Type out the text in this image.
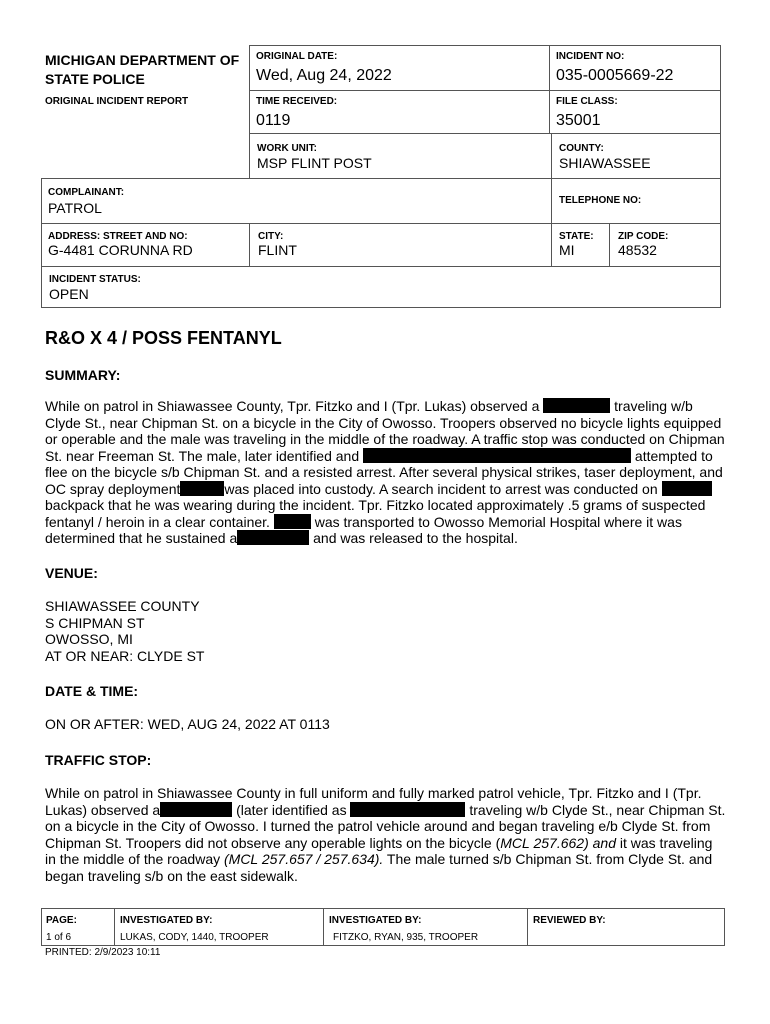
MICHIGAN DEPARTMENT OF
STATE POLICE
ORIGINAL INCIDENT REPORT
ORIGINAL DATE:
Wed, Aug 24, 2022
INCIDENT NO:
035-0005669-22
TIME RECEIVED:
0119
FILE CLASS:
35001
WORK UNIT:
MSP FLINT POST
COUNTY:
SHIAWASSEE
COMPLAINANT:
PATROL	TELEPHONE NO:
ADDRESS: STREET AND NO:
G-4481 CORUNNA RD
CITY:
FLINT
STATE:
MI
ZIP CODE:
48532
INCIDENT STATUS:
OPEN
R&O X 4 / POSS FENTANYL
SUMMARY:
While on patrol in Shiawassee County, Tpr. Fitzko and I (Tpr. Lukas) observed a	traveling w/b
Clyde St., near Chipman St. on a bicycle in the City of Owosso. Troopers observed no bicycle lights equipped
or operable and the male was traveling in the middle of the roadway. A traffic stop was conducted on Chipman
St. near Freeman St. The male, later identified and	attempted to
flee on the bicycle s/b Chipman St. and a resisted arrest. After several physical strikes, taser deployment, and
OC spray deployment	was placed into custody. A search incident to arrest was conducted on
backpack that he was wearing during the incident. Tpr. Fitzko located approximately .5 grams of suspected
fentanyl / heroin in a clear container.	was transported to Owosso Memorial Hospital where it was
determined that he sustained a	and was released to the hospital.
VENUE:
SHIAWASSEE COUNTY
S CHIPMAN ST
OWOSSO, MI
AT OR NEAR: CLYDE ST
DATE & TIME:
ON OR AFTER: WED, AUG 24, 2022 AT 0113
TRAFFIC STOP:
While on patrol in Shiawassee County in full uniform and fully marked patrol vehicle, Tpr. Fitzko and I (Tpr.
Lukas) observed a	(later identified as	traveling w/b Clyde St., near Chipman St.
on a bicycle in the City of Owosso. I turned the patrol vehicle around and began traveling e/b Clyde St. from
Chipman St. Troopers did not observe any operable lights on the bicycle (MCL 257.662) and it was traveling
in the middle of the roadway (MCL 257.657 / 257.634). The male turned s/b Chipman St. from Clyde St. and
began traveling s/b on the east sidewalk.
PAGE:
1 of 6
INVESTIGATED BY:
LUKAS, CODY, 1440, TROOPER
INVESTIGATED BY:
FITZKO, RYAN, 935, TROOPER
REVIEWED BY:
PRINTED: 2/9/2023 10:11
